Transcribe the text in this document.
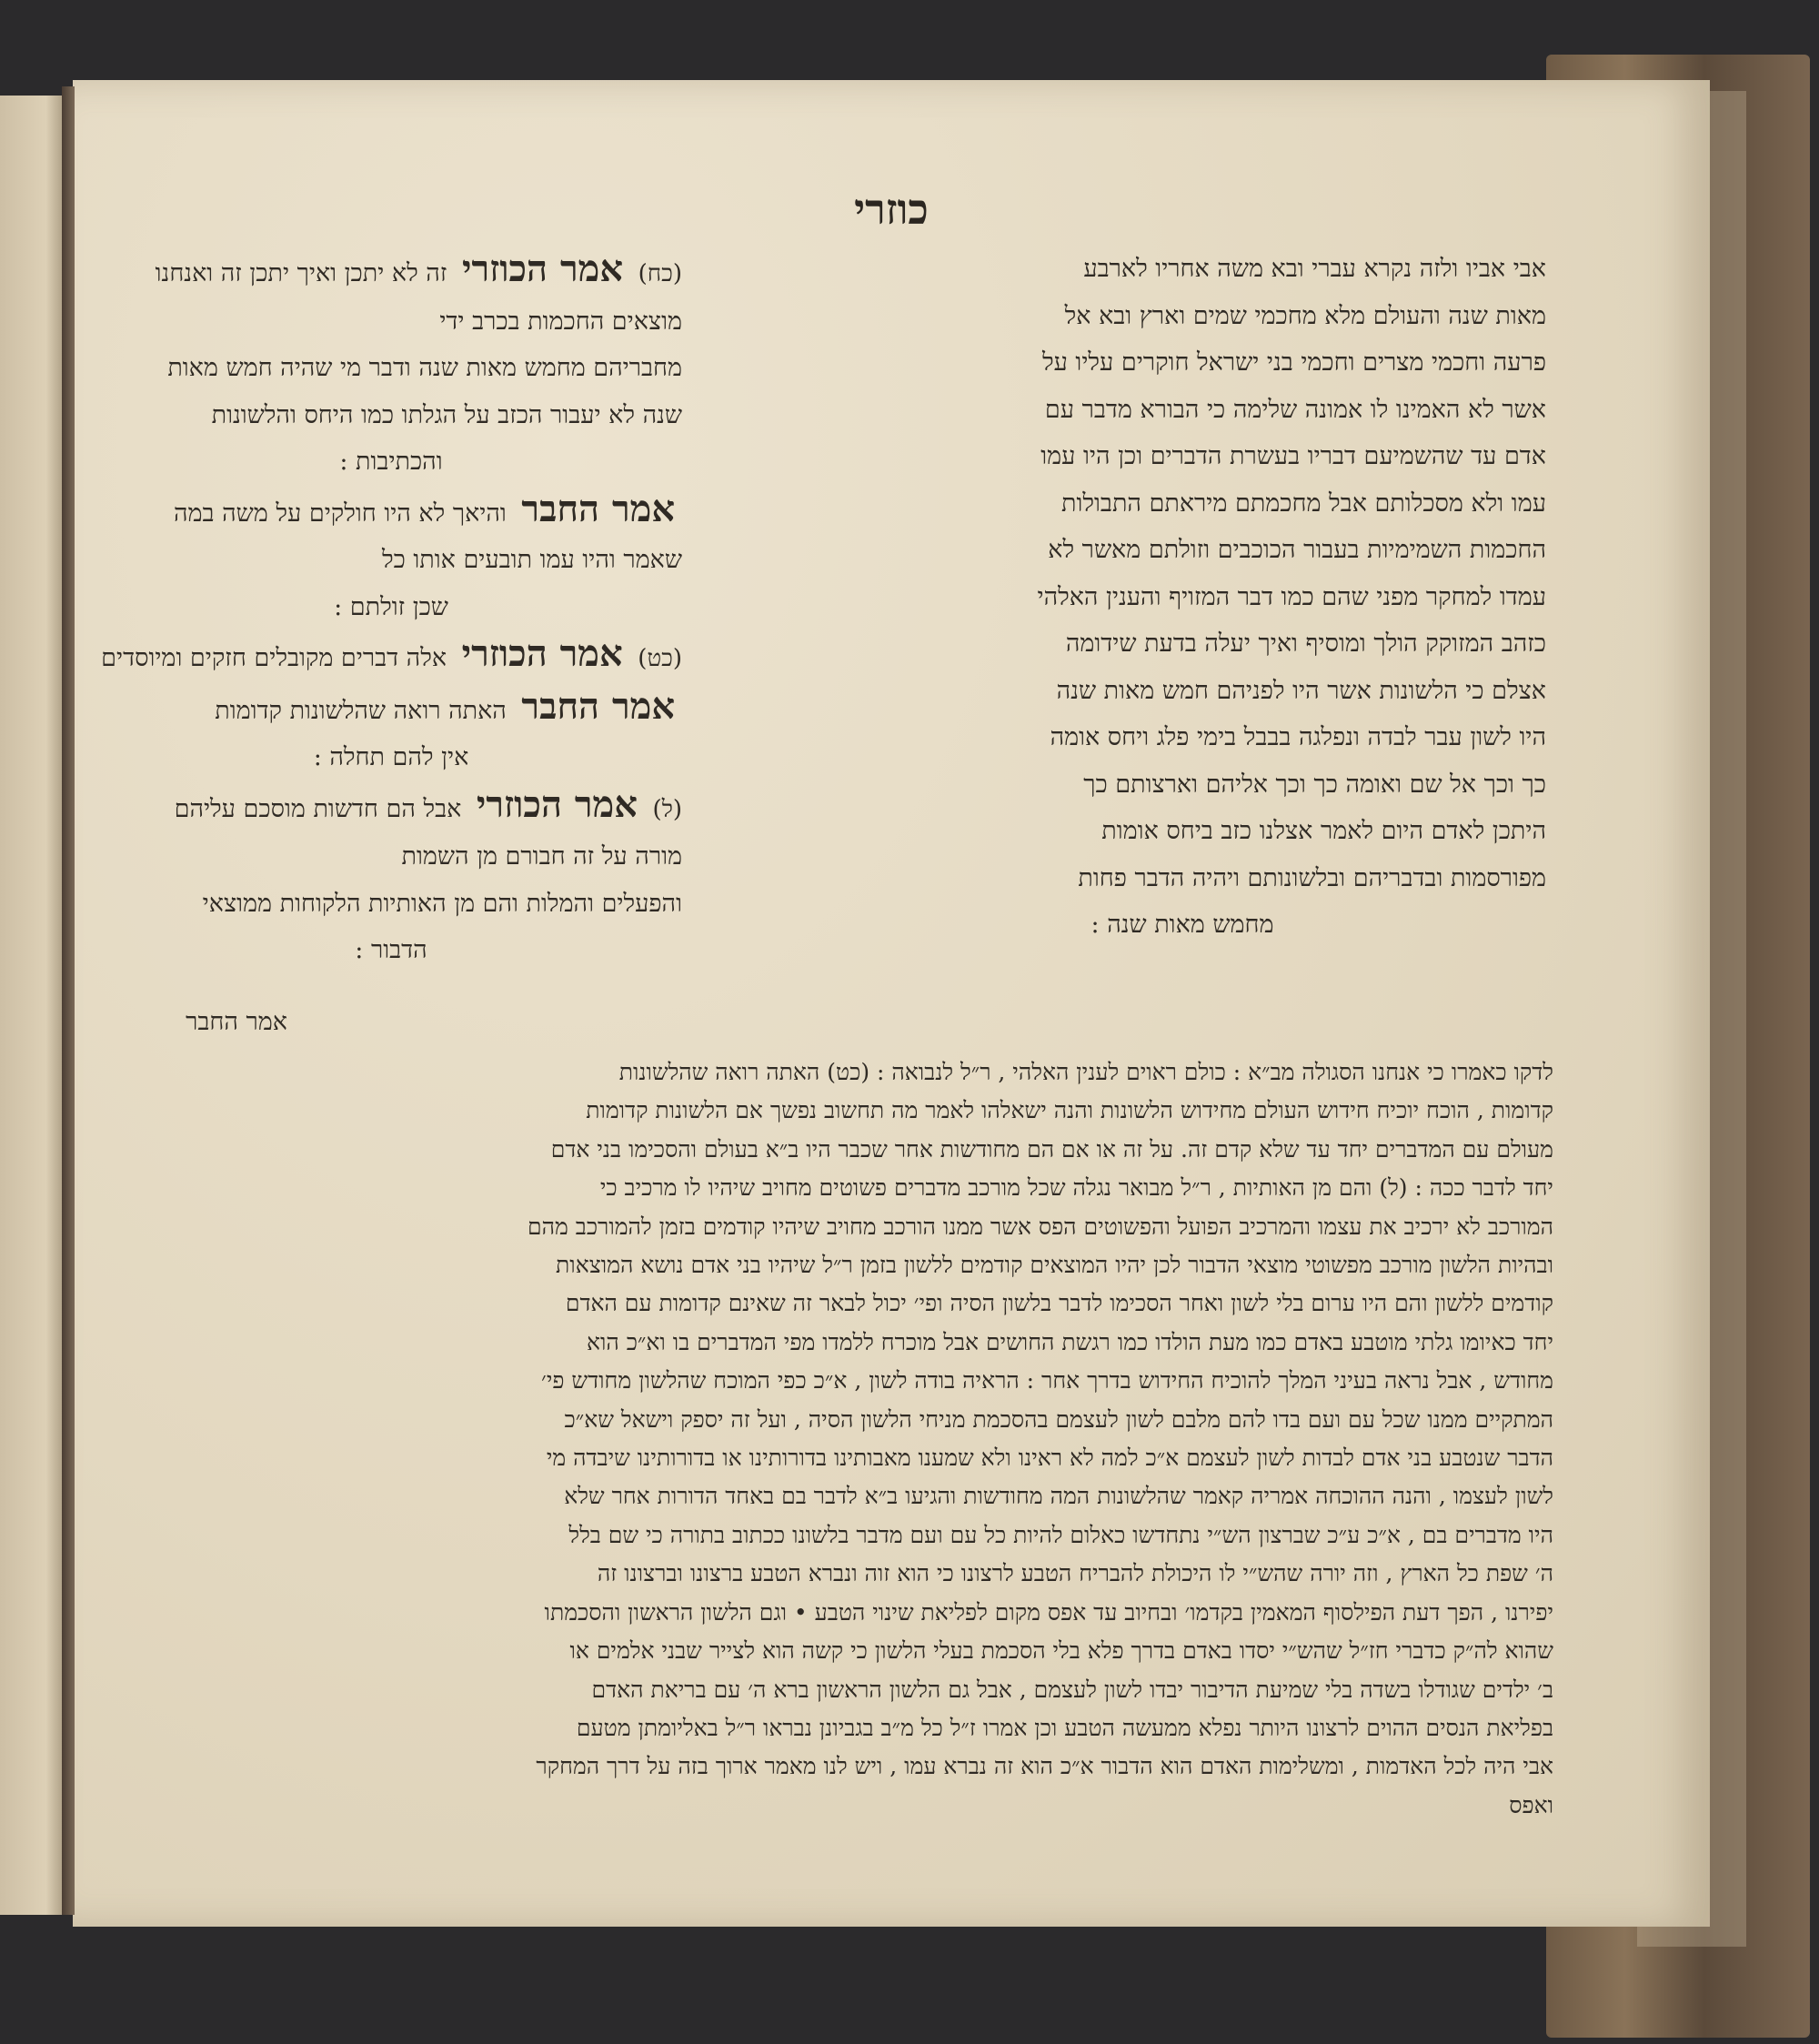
כוזרי

אבי אביו ולזה נקרא עברי ובא משה אחריו לארבע

מאות שנה והעולם מלא מחכמי שמים וארץ ובא אל

פרעה וחכמי מצרים וחכמי בני ישראל חוקרים עליו על

אשר לא האמינו לו אמונה שלימה כי הבורא מדבר עם

אדם עד שהשמיעם דבריו בעשרת הדברים וכן היו עמו

עמו ולא מסכלותם אבל מחכמתם מיראתם התבולות

החכמות השמימיות בעבור הכוכבים וזולתם מאשר לא

עמדו למחקר מפני שהם כמו דבר המזויף והענין האלהי

כזהב המזוקק הולך ומוסיף ואיך יעלה בדעת שידומה

אצלם כי הלשונות אשר היו לפניהם חמש מאות שנה

היו לשון עבר לבדה ונפלגה בבבל בימי פלג ויחס אומה

כך וכך אל שם ואומה כך וכך אליהם וארצותם כך

היתכן לאדם היום לאמר אצלנו כזב ביחס אומות

מפורסמות ובדבריהם ובלשונותם ויהיה הדבר פחות

מחמש מאות שנה :

(כח) אמר הכוזרי זה לא יתכן ואיך יתכן זה ואנחנו

מוצאים החכמות בכרב ידי

מחבריהם מחמש מאות שנה ודבר מי שהיה חמש מאות

שנה לא יעבור הכזב על הגלתו כמו היחס והלשונות

והכתיבות :

אמר החבר והיאך לא היו חולקים על משה במה

שאמר והיו עמו תובעים אותו כל

שכן זולתם :

(כט) אמר הכוזרי אלה דברים מקובלים חזקים ומיוסדים

אמר החבר האתה רואה שהלשונות קדומות

אין להם תחלה :

(ל) אמר הכוזרי אבל הם חדשות מוסכם עליהם

מורה על זה חבורם מן השמות

והפעלים והמלות והם מן האותיות הלקוחות ממוצאי

הדבור :

אמר החבר

לדקו כאמרו כי אנחנו הסגולה מב״א : כולם ראוים לענין האלהי , ר״ל לנבואה : (כט) האתה רואה שהלשונות

קדומות , הוכח יוכיח חידוש העולם מחידוש הלשונות והנה ישאלהו לאמר מה תחשוב נפשך אם הלשונות קדומות

מעולם עם המדברים יחד עד שלא קדם זה. על זה או אם הם מחודשות אחר שכבר היו ב״א בעולם והסכימו בני אדם

יחד לדבר ככה : (ל) והם מן האותיות , ר״ל מבואר נגלה שכל מורכב מדברים פשוטים מחויב שיהיו לו מרכיב כי

המורכב לא ירכיב את עצמו והמרכיב הפועל והפשוטים הפס אשר ממנו הורכב מחויב שיהיו קודמים בזמן להמורכב מהם

ובהיות הלשון מורכב מפשוטי מוצאי הדבור לכן יהיו המוצאים קודמים ללשון בזמן ר״ל שיהיו בני אדם נושא המוצאות

קודמים ללשון והם היו ערום בלי לשון ואחר הסכימו לדבר בלשון הסיה ופי׳ יכול לבאר זה שאינם קדומות עם האדם

יחד כאיומו גלתי מוטבע באדם כמו מעת הולדו כמו רגשת החושים אבל מוכרח ללמדו מפי המדברים בו וא״כ הוא

מחודש , אבל נראה בעיני המלך להוכיח החידוש בדרך אחר : הראיה בודה לשון , א״כ כפי המוכח שהלשון מחודש פי׳

המתקיים ממנו שכל עם ועם בדו להם מלבם לשון לעצמם בהסכמת מניחי הלשון הסיה , ועל זה יספק וישאל שא״כ

הדבר שנטבע בני אדם לבדות לשון לעצמם א״כ למה לא ראינו ולא שמענו מאבותינו בדורותינו או בדורותינו שיבדה מי

לשון לעצמו , והנה ההוכחה אמריה קאמר שהלשונות המה מחודשות והגיעו ב״א לדבר בם באחד הדורות אחר שלא

היו מדברים בם , א״כ ע״כ שברצון הש״י נתחדשו כאלום להיות כל עם ועם מדבר בלשונו ככתוב בתורה כי שם בלל

ה׳ שפת כל הארץ , וזה יורה שהש״י לו היכולת להבריח הטבע לרצונו כי הוא זוה ונברא הטבע ברצונו וברצונו זה

יפירנו , הפך דעת הפילסוף המאמין בקדמו׳ ובחיוב עד אפס מקום לפליאת שינוי הטבע • וגם הלשון הראשון והסכמתו

שהוא לה״ק כדברי חז״ל שהש״י יסדו באדם בדרך פלא בלי הסכמת בעלי הלשון כי קשה הוא לצייר שבני אלמים או

ב׳ ילדים שגודלו בשדה בלי שמיעת הדיבור יבדו לשון לעצמם , אבל גם הלשון הראשון ברא ה׳ עם בריאת האדם

בפליאת הנסים ההוים לרצונו היותר נפלא ממעשה הטבע וכן אמרו ז״ל כל מ״ב בגביונן נבראו ר״ל באליומתן מטעם

אבי היה לכל האדמות , ומשלימות האדם הוא הדבור א״כ הוא זה נברא עמו , ויש לנו מאמר ארוך בזה על דרך המחקר

ואפס
